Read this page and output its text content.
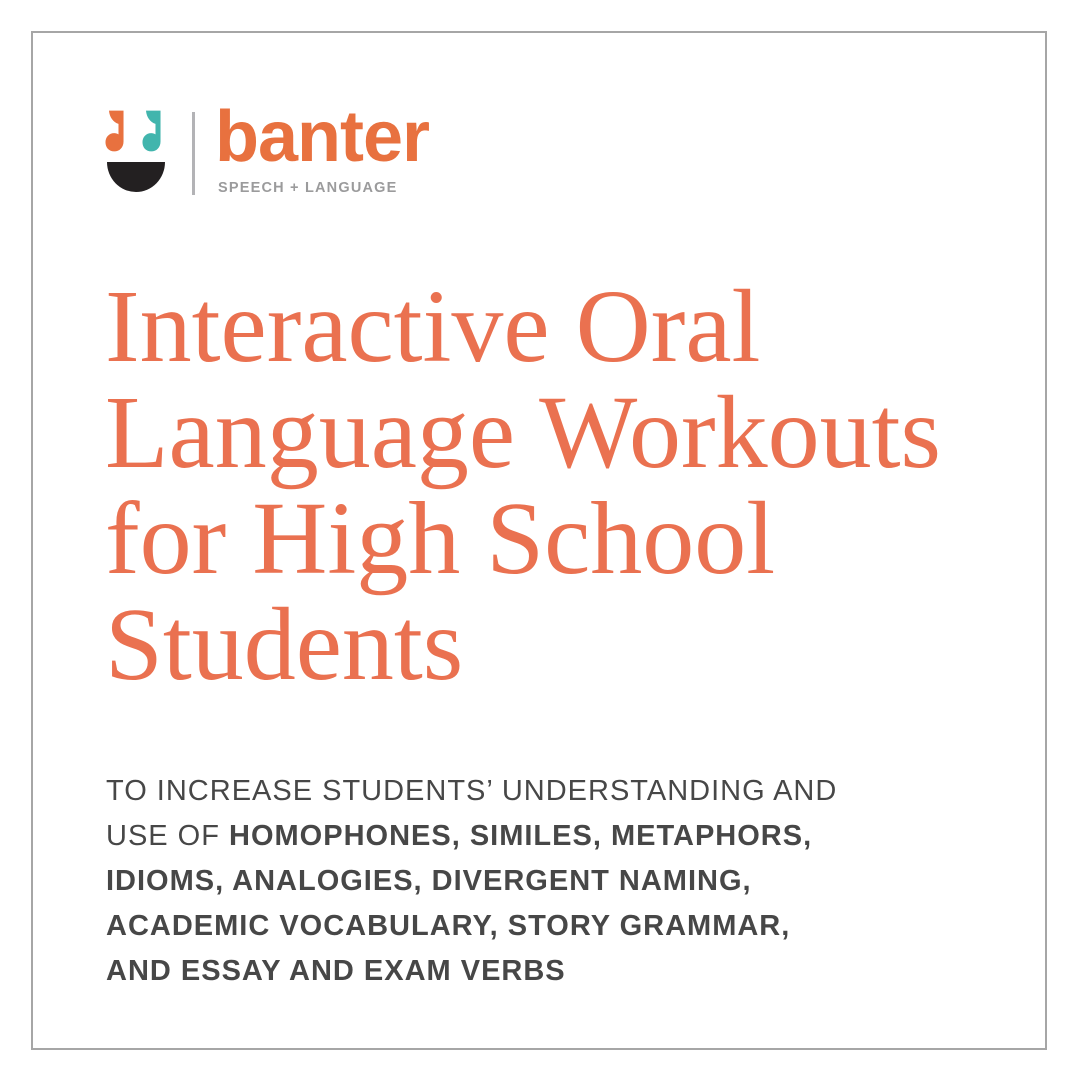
banter
SPEECH + LANGUAGE
Interactive Oral
Language Workouts
for High School
Students
TO INCREASE STUDENTS’ UNDERSTANDING AND
USE OF HOMOPHONES, SIMILES, METAPHORS,
IDIOMS, ANALOGIES, DIVERGENT NAMING,
ACADEMIC VOCABULARY, STORY GRAMMAR,
AND ESSAY AND EXAM VERBS
